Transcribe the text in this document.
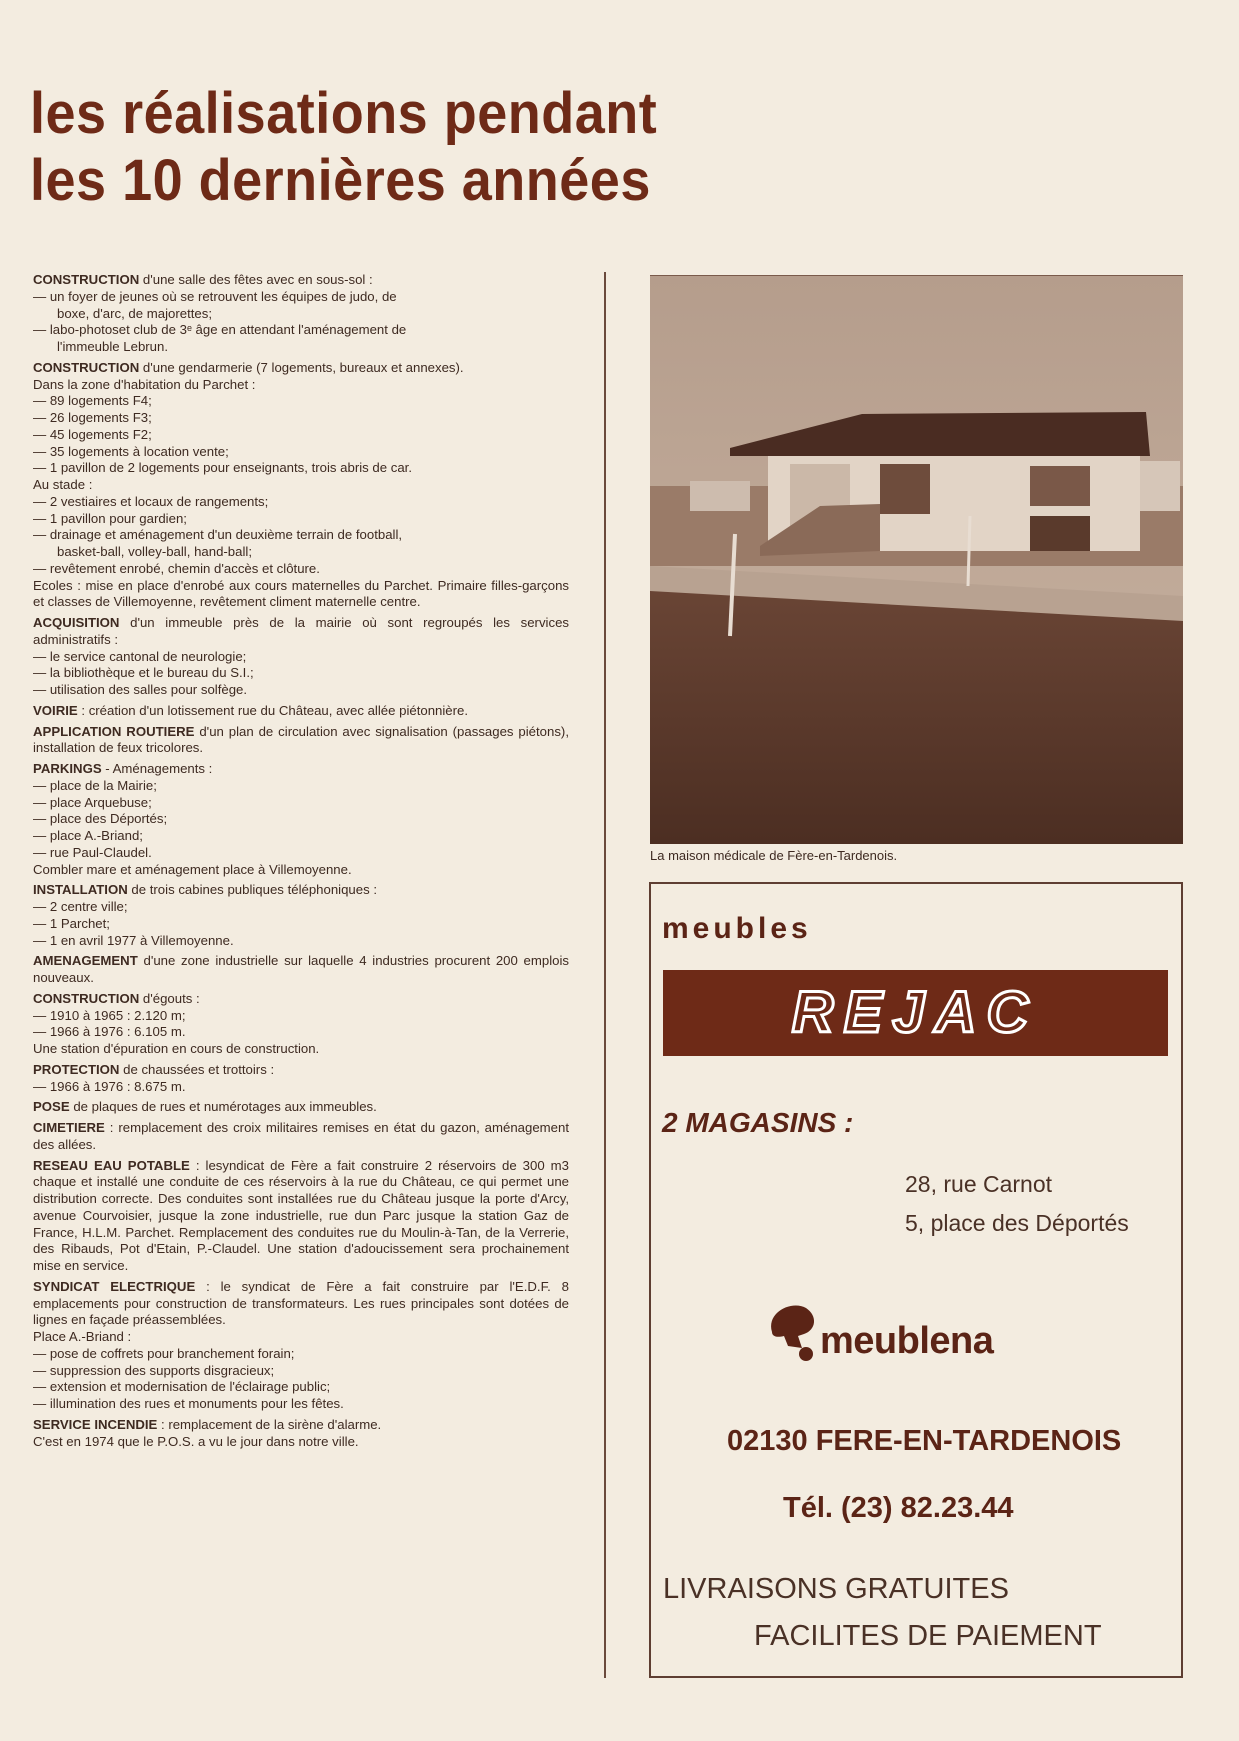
les réalisations pendant
les 10 dernières années
CONSTRUCTION d'une salle des fêtes avec en sous-sol :
— un foyer de jeunes où se retrouvent les équipes de judo, de
boxe, d'arc, de majorettes;
— labo-photoset club de 3ᵉ âge en attendant l'aménagement de
l'immeuble Lebrun.
CONSTRUCTION d'une gendarmerie (7 logements, bureaux et annexes).
Dans la zone d'habitation du Parchet :
— 89 logements F4;
— 26 logements F3;
— 45 logements F2;
— 35 logements à location vente;
— 1 pavillon de 2 logements pour enseignants, trois abris de car.
Au stade :
— 2 vestiaires et locaux de rangements;
— 1 pavillon pour gardien;
— drainage et aménagement d'un deuxième terrain de football,
basket-ball, volley-ball, hand-ball;
— revêtement enrobé, chemin d'accès et clôture.
Ecoles : mise en place d'enrobé aux cours maternelles du Parchet. Primaire filles-garçons et classes de Villemoyenne, revêtement climent maternelle centre.
ACQUISITION d'un immeuble près de la mairie où sont regroupés les services administratifs :
— le service cantonal de neurologie;
— la bibliothèque et le bureau du S.I.;
— utilisation des salles pour solfège.
VOIRIE : création d'un lotissement rue du Château, avec allée piétonnière.
APPLICATION ROUTIERE d'un plan de circulation avec signalisation (passages piétons), installation de feux tricolores.
PARKINGS - Aménagements :
— place de la Mairie;
— place Arquebuse;
— place des Déportés;
— place A.-Briand;
— rue Paul-Claudel.
Combler mare et aménagement place à Villemoyenne.
INSTALLATION de trois cabines publiques téléphoniques :
— 2 centre ville;
— 1 Parchet;
— 1 en avril 1977 à Villemoyenne.
AMENAGEMENT d'une zone industrielle sur laquelle 4 industries procurent 200 emplois nouveaux.
CONSTRUCTION d'égouts :
— 1910 à 1965 : 2.120 m;
— 1966 à 1976 : 6.105 m.
Une station d'épuration en cours de construction.
PROTECTION de chaussées et trottoirs :
— 1966 à 1976 : 8.675 m.
POSE de plaques de rues et numérotages aux immeubles.
CIMETIERE : remplacement des croix militaires remises en état du gazon, aménagement des allées.
RESEAU EAU POTABLE : lesyndicat de Fère a fait construire 2 réservoirs de 300 m3 chaque et installé une conduite de ces réservoirs à la rue du Château, ce qui permet une distribution correcte. Des conduites sont installées rue du Château jusque la porte d'Arcy, avenue Courvoisier, jusque la zone industrielle, rue dun Parc jusque la station Gaz de France, H.L.M. Parchet. Remplacement des conduites rue du Moulin-à-Tan, de la Verrerie, des Ribauds, Pot d'Etain, P.-Claudel. Une station d'adoucissement sera prochainement mise en service.
SYNDICAT ELECTRIQUE : le syndicat de Fère a fait construire par l'E.D.F. 8 emplacements pour construction de transformateurs. Les rues principales sont dotées de lignes en façade préassemblées.
Place A.-Briand :
— pose de coffrets pour branchement forain;
— suppression des supports disgracieux;
— extension et modernisation de l'éclairage public;
— illumination des rues et monuments pour les fêtes.
SERVICE INCENDIE : remplacement de la sirène d'alarme.
C'est en 1974 que le P.O.S. a vu le jour dans notre ville.
La maison médicale de Fère-en-Tardenois.
meubles
REJAC
2 MAGASINS :
28, rue Carnot
5, place des Déportés
meublena
02130 FERE-EN-TARDENOIS
Tél. (23) 82.23.44
LIVRAISONS GRATUITES
FACILITES DE PAIEMENT
